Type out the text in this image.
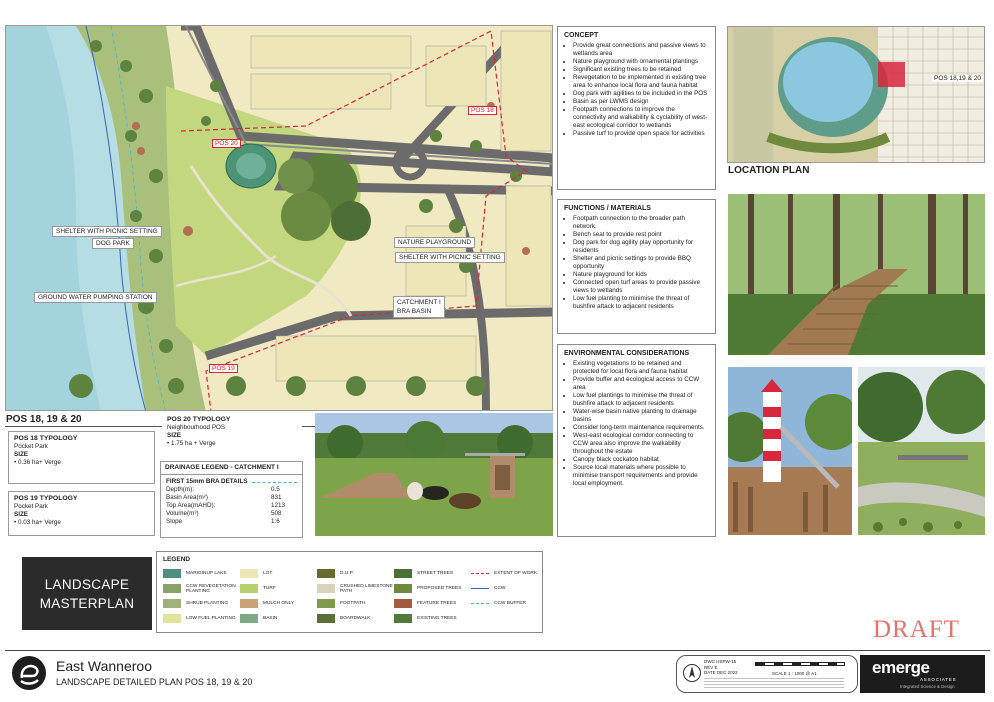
POS 20
POS 18
POS 19
SHELTER WITH PICNIC SETTING
DOG PARK
GROUND WATER PUMPING STATION
NATURE PLAYGROUND
SHELTER WITH PICNIC SETTING
CATCHMENT I
BRA BASIN
POS 18, 19 & 20
POS 18 TYPOLOGY
Pocket Park
SIZE
• 0.36 ha+ Verge
POS 19 TYPOLOGY
Pocket Park
SIZE
• 0.03 ha+ Verge
POS 20 TYPOLOGY
Neighbourhood POS
SIZE
• 1.75 ha + Verge
DRAINAGE LEGEND - CATCHMENT I
FIRST 15mm BRA DETAILS
Depth(m):	0.5
Basin Area(m²)	831
Top Area(mAHD):	1213
Volume(m³)	508
Slope	1:6
CONCEPT
• Provide great connections and passive views to wetlands area
• Nature playground with ornamental plantings
• Significant existing trees to be retained
• Revegetation to be implemented in existing tree area to enhance local flora and fauna habitat
• Dog park with agilities to be included in the POS
• Basin as per LWMS design
• Footpath connections to improve the connectivity and walkability & cyclability of west-east ecological corridor to wetlands
• Passive turf to provide open space for activities
FUNCTIONS / MATERIALS
• Footpath connection to the broader path network.
• Bench seat to provide rest point
• Dog park for dog agility play opportunity for residents
• Shelter and picnic settings to provide BBQ opportunity
• Nature playground for kids
• Connected open turf areas to provide passive views to wetlands
• Low fuel planting to minimise the threat of bushfire attack to adjacent residents
ENVIRONMENTAL CONSIDERATIONS
• Existing vegetations to be retained and protected for local flora and fauna habitat
• Provide buffer and ecological access to CCW area
• Low fuel plantings to minimise the threat of bushfire attack to adjacent residents
• Water-wise basin native planting to drainage basins
• Consider long-term maintenance requirements.
• West-east ecological corridor connecting to CCW area also improve the walkability throughout the estate
• Canopy black cockatoo habitat
• Source local materials where possible to minimise transport requirements and provide local employment.
POS 18,19 & 20
LOCATION PLAN
LANDSCAPE
MASTERPLAN
LEGEND
MARIGINUP LAKE	LOT	D.U.P	STREET TREES	EXTENT OF WORK
CCW REVEGETATION PLANTING	TURF	CRUSHED LIMESTONE PATH	PROPOSED TREES	CCW
SHRUB PLANTING	MULCH ONLY	FOOTPATH	FEATURE TREES	CCW BUFFER
LOW FUEL PLANTING	BASIN	BOARDWALK	EXISTING TREES	DRAFT
East Wanneroo
LANDSCAPE DETAILED PLAN POS 18, 19 & 20
DWG HSPW-15
REV E
DATE DEC 2022	SCALE 1 : 1000 @ A1	emerge
ASSOCIATES
Integrated Science & Design
